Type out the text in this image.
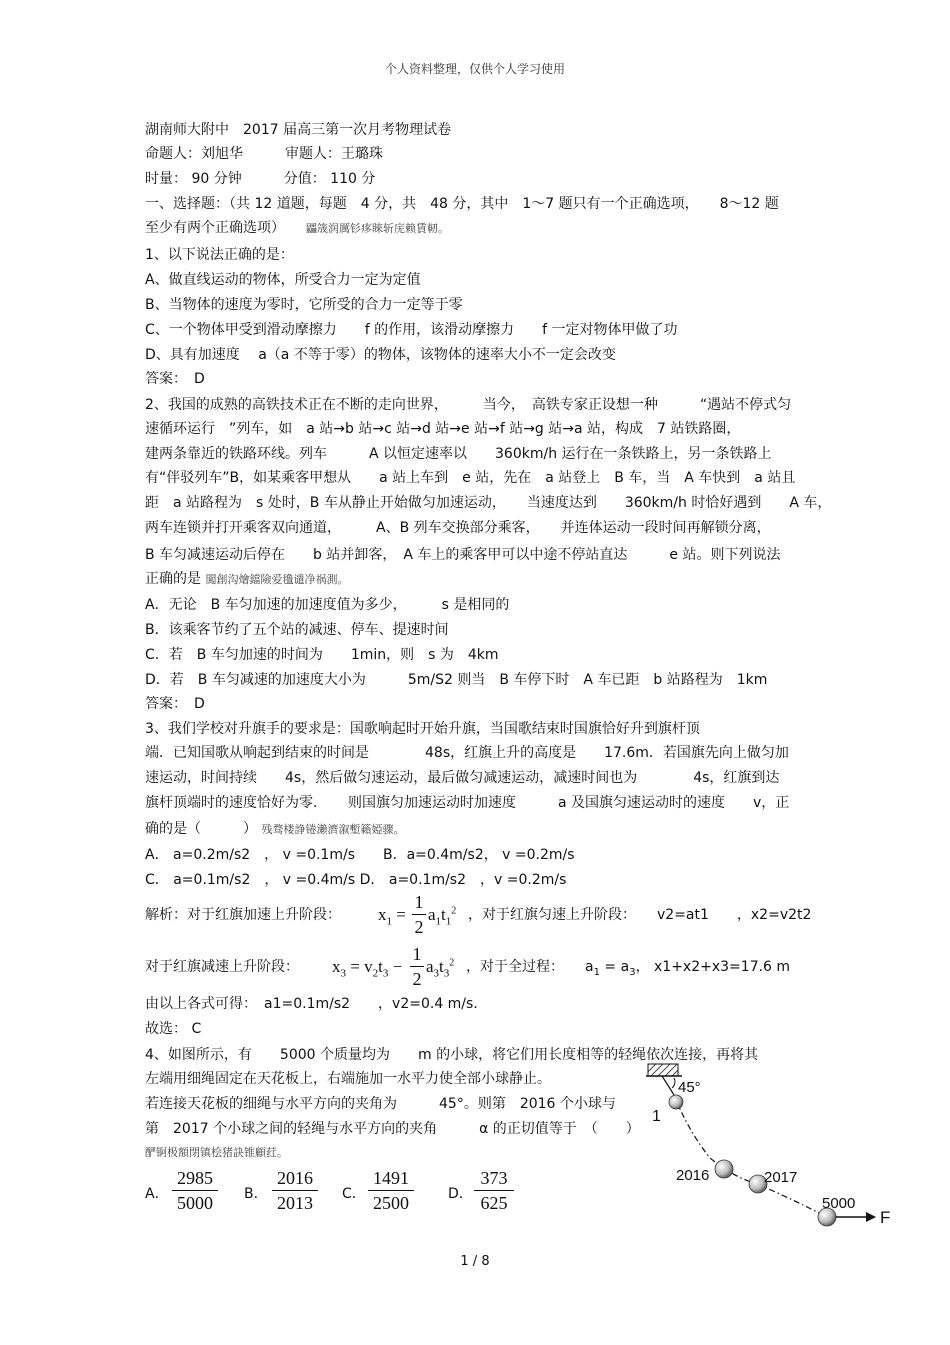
个人资料整理，仅供个人学习使用
湖南师大附中　2017 届高三第一次月考物理试卷
命题人：刘旭华　　　审题人：王璐珠
时量： 90 分钟　　　分值： 110 分
一、选择题：（共 12 道题，每题　4 分，共　48 分，其中　1～7 题只有一个正确选项，　　8～12 题
至少有两个正确选项）　　	鼺筬润厲钐痑睞斩庑赖賃軔。
1、以下说法正确的是：
A、做直线运动的物体，所受合力一定为定值
B、当物体的速度为零时，它所受的合力一定等于零
C、一个物体甲受到滑动摩擦力　　f 的作用，该滑动摩擦力　　f 一定对物体甲做了功
D、具有加速度　 a（a 不等于零）的物体，该物体的速率大小不一定会改变
答案：　D
2、我国的成熟的高铁技术正在不断的走向世界，　　　当今，　高铁专家正设想一种　　　“遇站不停式匀
速循环运行　”列车，如　a 站→b 站→c 站→d 站→e 站→f 站→g 站→a 站，构成　7 站铁路圈，
建两条靠近的铁路环线。列车　　　A 以恒定速率以　　360km/h 运行在一条铁路上，另一条铁路上
有“伴驳列车”B，如某乘客甲想从　　a 站上车到　e 站，先在　a 站登上　B 车，当　A 车快到　a 站且
距　a 站路程为　s 处时，B 车从静止开始做匀加速运动，　　当速度达到　　360km/h 时恰好遇到　　A 车，
两车连锁并打开乘客双向通道，　　　A、B 列车交换部分乘客，　　并连体运动一段时间再解锁分离，
B 车匀减速运动后停在　　b 站并卸客，　A 车上的乘客甲可以中途不停站直达　　　e 站。则下列说法
正确的是 闖創沟燴鐺險爱氇谴净祸測。
A．无论　B 车匀加速的加速度值为多少，　　　s 是相同的
B．该乘客节约了五个站的减速、停车、提速时间
C．若　B 车匀加速的时间为　　1min，则　s 为　4km
D．若　B 车匀减速的加速度大小为　　　5m/S2 则当　B 车停下时　A 车已距　b 站路程为　1km
答案：　D
3、我们学校对升旗手的要求是：国歌响起时开始升旗，当国歌结束时国旗恰好升到旗杆顶
端．已知国歌从响起到结束的时间是　　　　48s，红旗上升的高度是　　17.6m．若国旗先向上做匀加
速运动，时间持续　　4s，然后做匀速运动，最后做匀减速运动，减速时间也为　　　　4s，红旗到达
旗杆顶端时的速度恰好为零．　　则国旗匀加速运动时加速度　　　a 及国旗匀速运动时的速度　　v，正
确的是（　　　） 残骛楼諍锩瀨濟溆塹籟婭骤。
A． a=0.2m/s2　， v =0.1m/s　　B．a=0.4m/s2， v =0.2m/s
C． a=0.1m/s2　， v =0.4m/s D． a=0.1m/s2　，v =0.2m/s
解析：对于红旗加速上升阶段： $x_1 = \frac{1}{2} a_1t_1^2$ ，对于红旗匀速上升阶段：　　v2=at1　　，x2=v2t2
对于红旗减速上升阶段： $x_3 = v_2t_3 - \frac{1}{2} a_3t_3^2$ ，对于全过程：　　$a_1 = a_3$， x1+x2+x3=17.6 m
由以上各式可得：　a1=0.1m/s2　　，v2=0.4 m/s．
故选： C
4、如图所示，有　　5000 个质量均为　　m 的小球，将它们用长度相等的轻绳依次连接，再将其
左端用细绳固定在天花板上，右端施加一水平力使全部小球静止。
若连接天花板的细绳与水平方向的夹角为　　　45°。则第　2016 个小球与
第　2017 个小球之间的轻绳与水平方向的夹角　　　α 的正切值等于　（　　）
酽锕极額閉镇桧猪訣锥顧荭。
A． $\frac{2985}{5000}$ B． $\frac{2016}{2013}$ C． $\frac{1491}{2500}$ D． $\frac{373}{625}$
45°
1
2016	2017
5000
F
1 / 8
